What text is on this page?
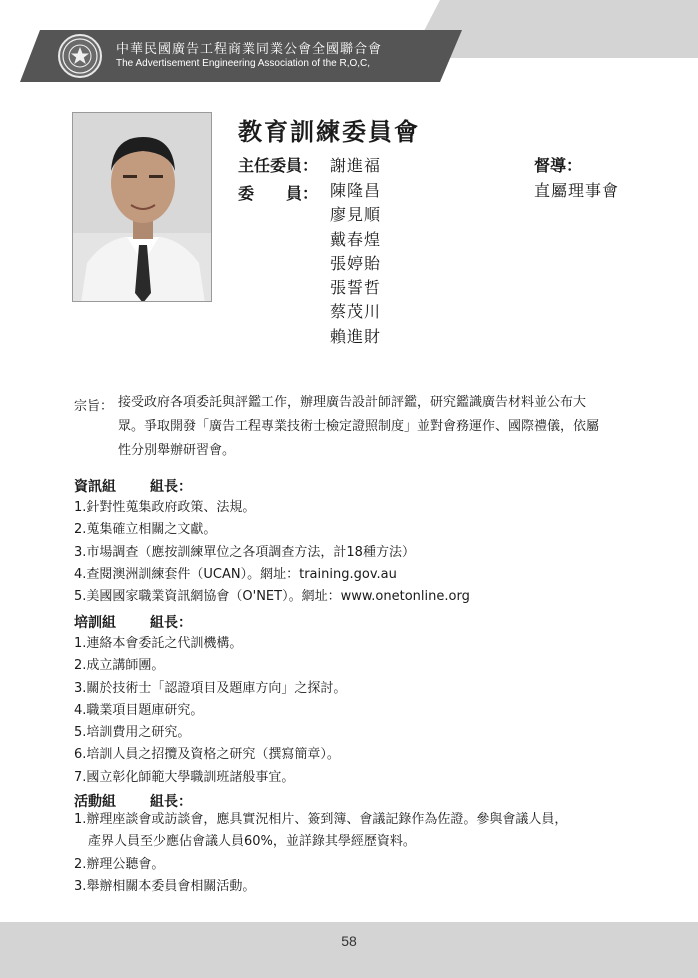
中華民國廣告工程商業同業公會全國聯合會
The Advertisement Engineering Association of the R,O,C,
教育訓練委員會
主任委員： 謝進福
委　　員： 陳隆昌
廖見順
戴春煌
張婷貽
張誓哲
蔡茂川
賴進財
督導：
直屬理事會
宗旨： 接受政府各項委託與評鑑工作，辦理廣告設計師評鑑，研究鑑識廣告材料並公布大眾。爭取開發「廣告工程專業技術士檢定證照制度」並對會務運作、國際禮儀，依屬性分別舉辦研習會。

資訊組 組長：
1.針對性蒐集政府政策、法規。
2.蒐集確立相關之文獻。
3.市場調查（應按訓練單位之各項調查方法，計18種方法）
4.查閱澳洲訓練套件（UCAN）。網址：training.gov.au
5.美國國家職業資訊網協會（O'NET）。網址：www.onetonline.org
培訓組 組長：
1.連絡本會委託之代訓機構。
2.成立講師團。
3.關於技術士「認證項目及題庫方向」之探討。
4.職業項目題庫研究。
5.培訓費用之研究。
6.培訓人員之招攬及資格之研究（撰寫簡章）。
7.國立彰化師範大學職訓班諸般事宜。
活動組 組長：
1.辦理座談會或訪談會，應具實況相片、簽到簿、會議記錄作為佐證。參與會議人員，
產界人員至少應佔會議人員60%，並詳錄其學經歷資料。
2.辦理公聽會。
3.舉辦相關本委員會相關活動。
58
